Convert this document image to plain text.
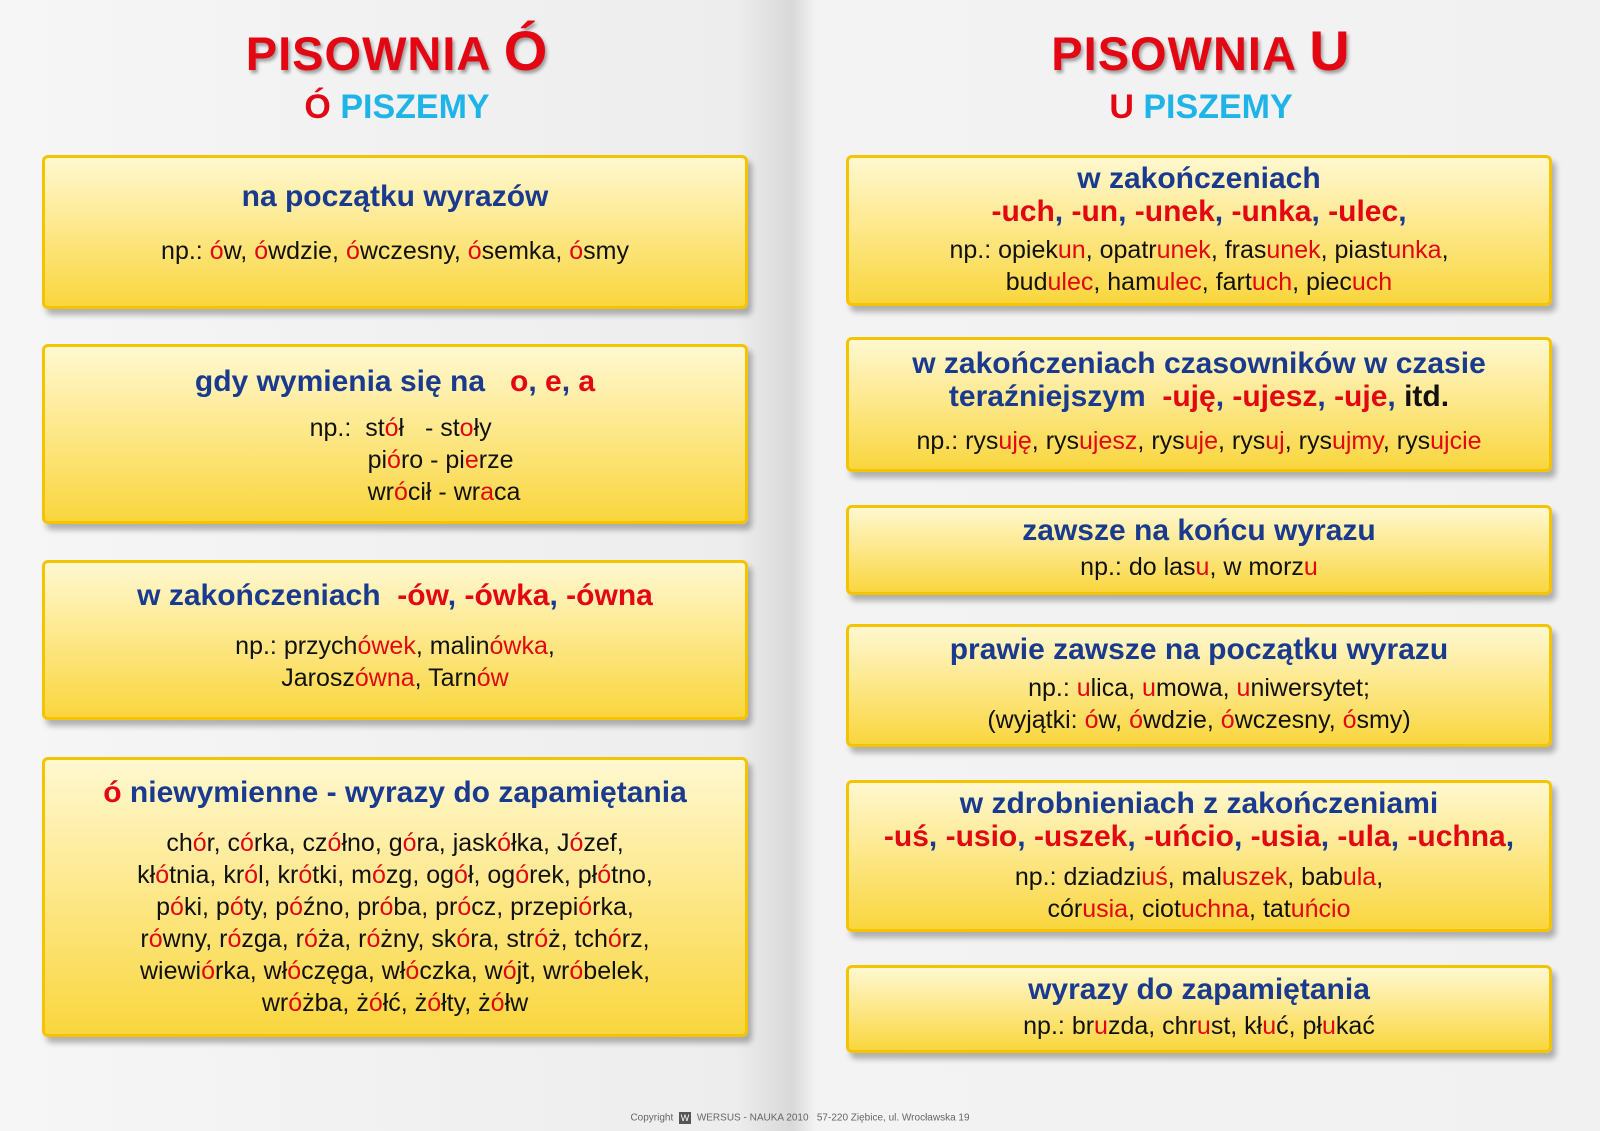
PISOWNIA Ó
Ó PISZEMY
na początku wyrazów
np.: ów, ówdzie, ówczesny, ósemka, ósmy
gdy wymienia się na o, e, a
np.: stół   - stoły
pióro - pierze
wrócił - wraca
w zakończeniach -ów, -ówka, -ówna
np.: przychówek, malinówka,
Jaroszówna, Tarnów
ó niewymienne - wyrazy do zapamiętania
chór, córka, czółno, góra, jaskółka, Józef,
kłótnia, król, krótki, mózg, ogół, ogórek, płótno,
póki, póty, późno, próba, prócz, przepiórka,
równy, rózga, róża, różny, skóra, stróż, tchórz,
wiewiórka, włóczęga, włóczka, wójt, wróbelek,
wróżba, żółć, żółty, żółw
PISOWNIA U
U PISZEMY
w zakończeniach
-uch, -un, -unek, -unka, -ulec,
np.: opiekun, opatrunek, frasunek, piastunka,
budulec, hamulec, fartuch, piecuch
w zakończeniach czasowników w czasie
teraźniejszym -uję, -ujesz, -uje, itd.
np.: rysuję, rysujesz, rysuje, rysuj, rysujmy, rysujcie
zawsze na końcu wyrazu
np.: do lasu, w morzu
prawie zawsze na początku wyrazu
np.: ulica, umowa, uniwersytet;
(wyjątki: ów, ówdzie, ówczesny, ósmy)
w zdrobnieniach z zakończeniami
-uś, -usio, -uszek, -uńcio, -usia, -ula, -uchna,
np.: dziadziuś, maluszek, babula,
córusia, ciotuchna, tatuńcio
wyrazy do zapamiętania
np.: bruzda, chrust, kłuć, płukać
Copyright W WERSUS - NAUKA 2010 57-220 Ziębice, ul. Wrocławska 19
